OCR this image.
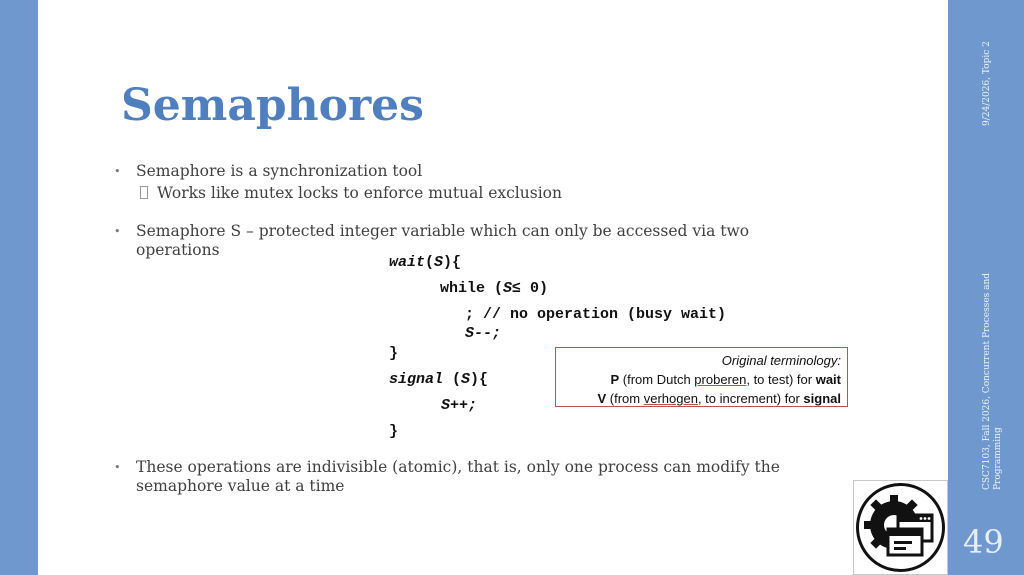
Semaphores
• Semaphore is a synchronization tool
Works like mutex locks to enforce mutual exclusion
• Semaphore S – protected integer variable which can only be accessed via two operations
wait(S){
while (S≤ 0)
; // no operation (busy wait)
S--;
}
signal (S){
S++;
}
Original terminology:
P (from Dutch proberen, to test) for wait
V (from verhogen, to increment) for signal
• These operations are indivisible (atomic), that is, only one process can modify the semaphore value at a time
9/24/2026, Topic 2
CSC7103, Fall 2026, Concurrent Processes and Programming
49
